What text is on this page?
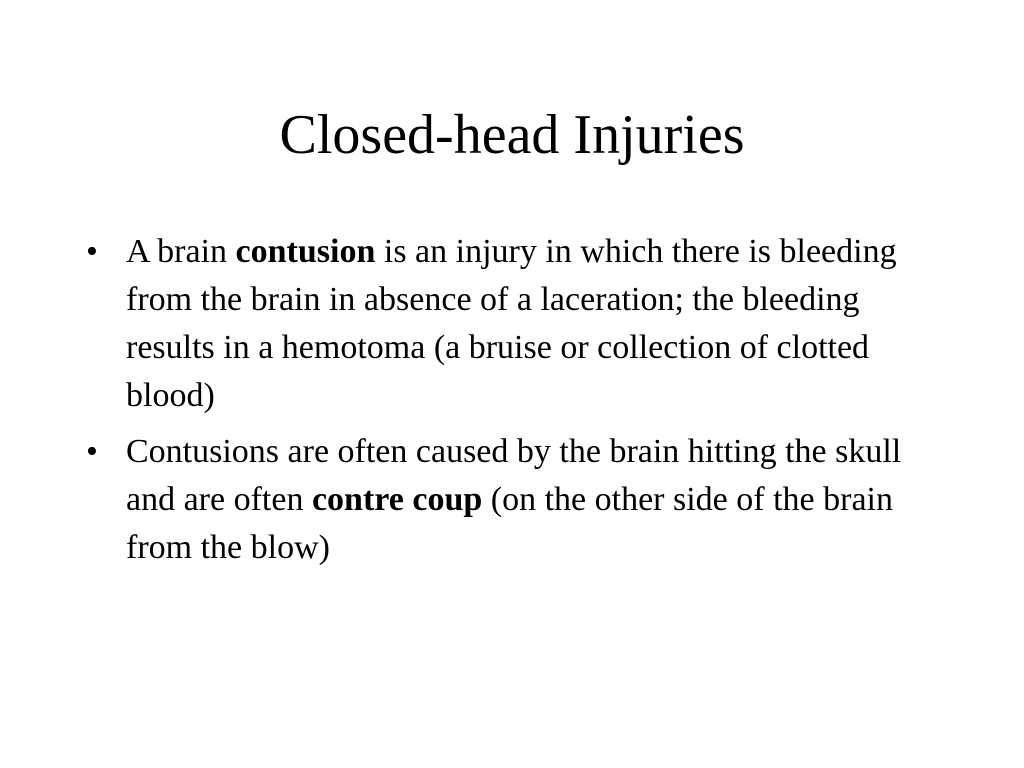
Closed-head Injuries
• A brain contusion is an injury in which there is bleeding from the brain in absence of a laceration; the bleeding results in a hemotoma (a bruise or collection of clotted blood)
• Contusions are often caused by the brain hitting the skull and are often contre coup (on the other side of the brain from the blow)
